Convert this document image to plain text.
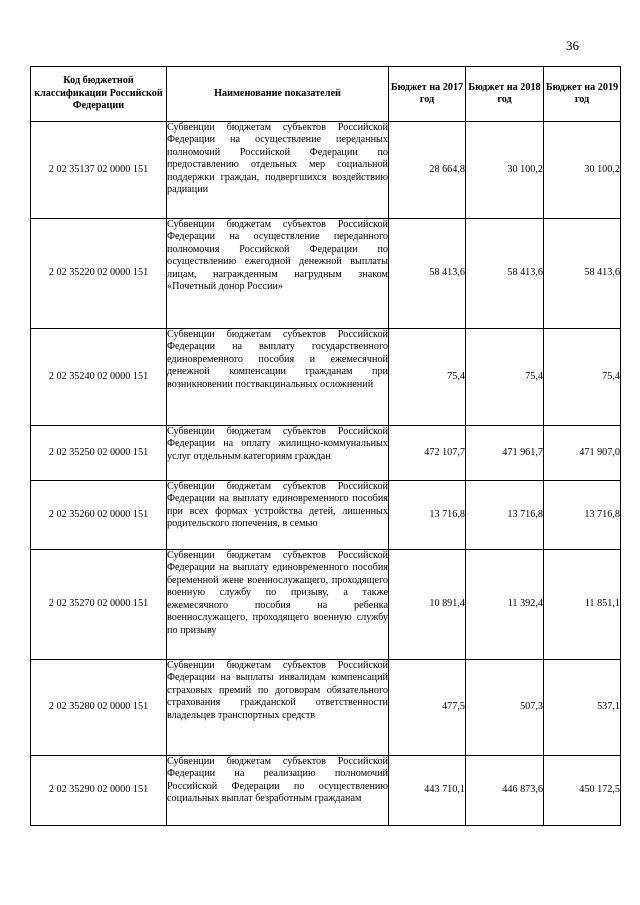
36
Код бюджетной классификации Российской Федерации	Наименование показателей	Бюджет на 2017 год	Бюджет на 2018 год	Бюджет на 2019 год
2 02 35137 02 0000 151	Субвенции бюджетам субъектов Российской Федерации на осуществление переданных полномочий Российской Федерации по предоставлению отдельных мер социальной поддержки граждан, подвергшихся воздействию радиации	28 664,8	30 100,2	30 100,2
2 02 35220 02 0000 151	Субвенции бюджетам субъектов Российской Федерации на осуществление переданного полномочия Российской Федерации по осуществлению ежегодной денежной выплаты лицам, награжденным нагрудным знаком «Почетный донор России»	58 413,6	58 413,6	58 413,6
2 02 35240 02 0000 151	Субвенции бюджетам субъектов Российской Федерации на выплату государственного единовременного пособия и ежемесячной денежной компенсации гражданам при возникновении поствакцинальных осложнений	75,4	75,4	75,4
2 02 35250 02 0000 151	Субвенции бюджетам субъектов Российской Федерации на оплату жилищно-коммунальных услуг отдельным категориям граждан	472 107,7	471 961,7	471 907,0
2 02 35260 02 0000 151	Субвенции бюджетам субъектов Российской Федерации на выплату единовременного пособия при всех формах устройства детей, лишенных родительского попечения, в семью	13 716,8	13 716,8	13 716,8
2 02 35270 02 0000 151	Субвенции бюджетам субъектов Российской Федерации на выплату единовременного пособия беременной жене военнослужащего, проходящего военную службу по призыву, а также ежемесячного пособия на ребенка военнослужащего, проходящего военную службу по призыву	10 891,4	11 392,4	11 851,1
2 02 35280 02 0000 151	Субвенции бюджетам субъектов Российской Федерации на выплаты инвалидам компенсаций страховых премий по договорам обязательного страхования гражданской ответственности владельцев транспортных средств	477,5	507,3	537,1
2 02 35290 02 0000 151	Субвенции бюджетам субъектов Российской Федерации на реализацию полномочий Российской Федерации по осуществлению социальных выплат безработным гражданам	443 710,1	446 873,6	450 172,5
